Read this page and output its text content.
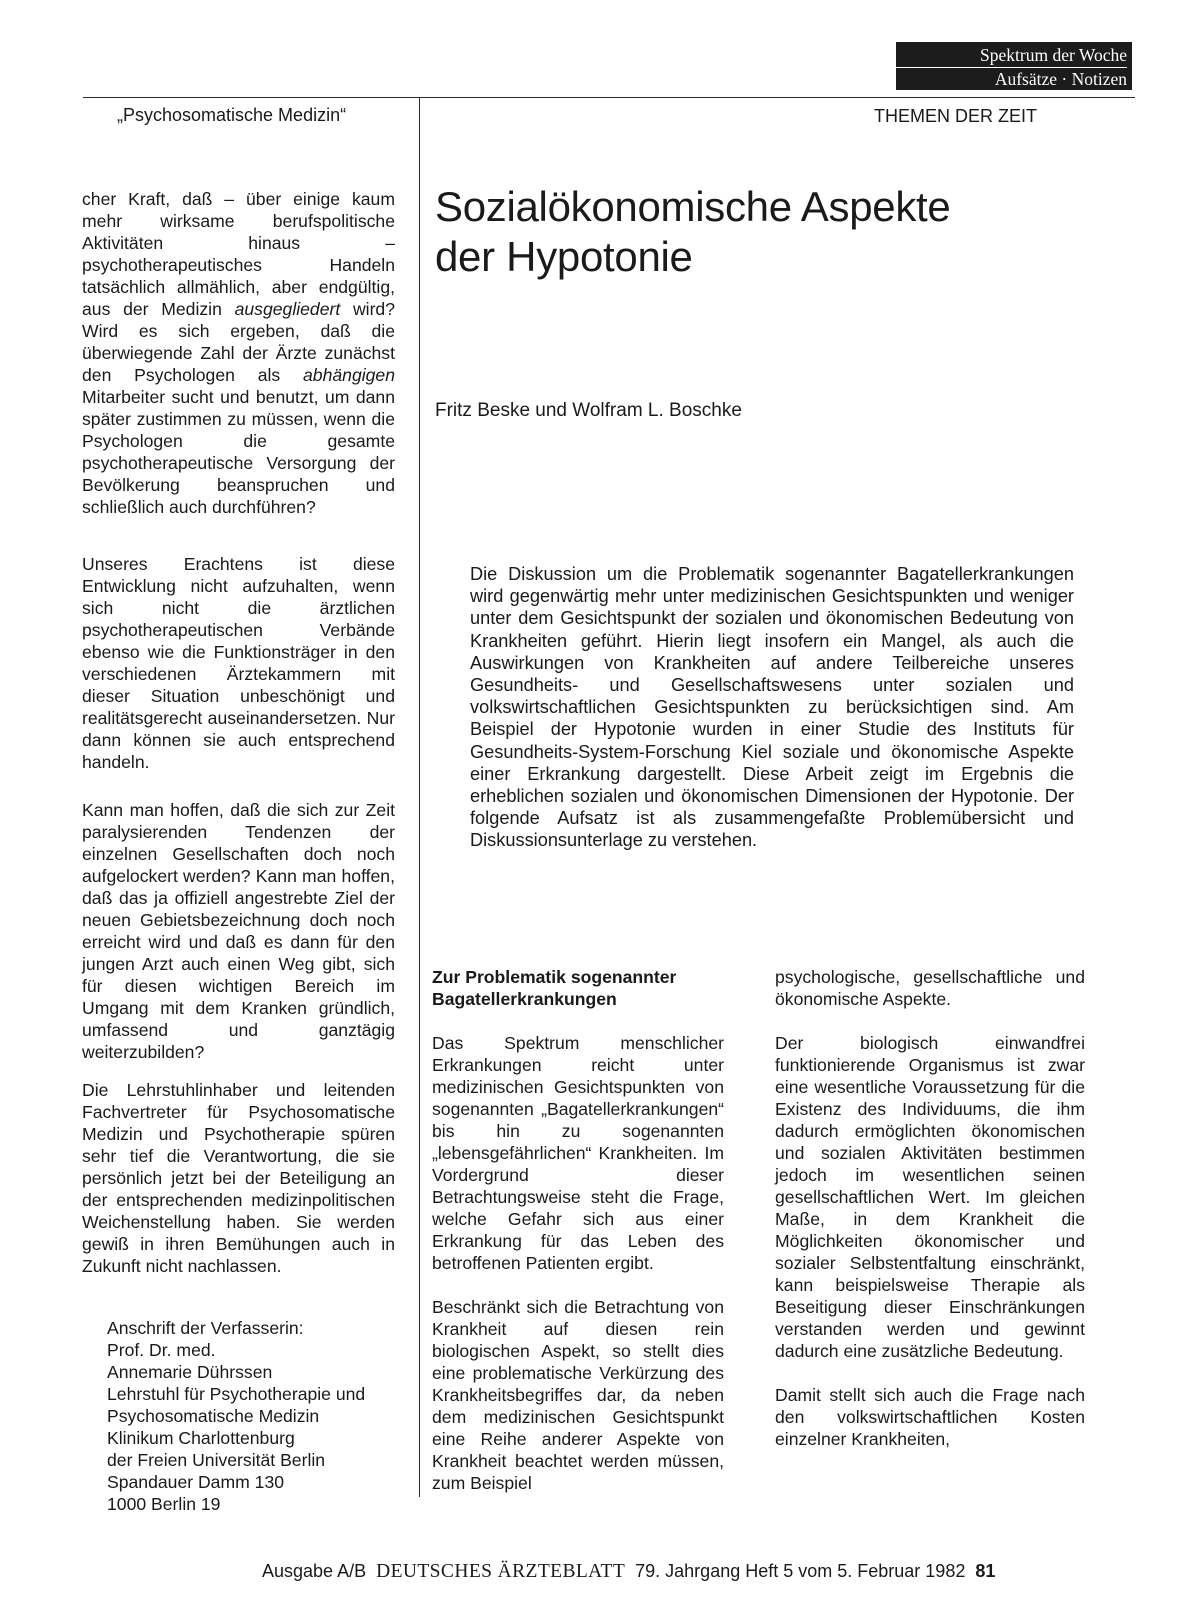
Spektrum der Woche
Aufsätze · Notizen
„Psychosomatische Medizin“	THEMEN DER ZEIT

cher Kraft, daß – über einige kaum mehr wirksame berufspolitische Aktivitäten hinaus – psychotherapeutisches Handeln tatsächlich allmählich, aber endgültig, aus der Medizin ausgegliedert wird? Wird es sich ergeben, daß die überwiegende Zahl der Ärzte zunächst den Psychologen als abhängigen Mitarbeiter sucht und benutzt, um dann später zustimmen zu müssen, wenn die Psychologen die gesamte psychotherapeutische Versorgung der Bevölkerung beanspruchen und schließlich auch durchführen?

Unseres Erachtens ist diese Entwicklung nicht aufzuhalten, wenn sich nicht die ärztlichen psychotherapeutischen Verbände ebenso wie die Funktionsträger in den verschiedenen Ärztekammern mit dieser Situation unbeschönigt und realitätsgerecht auseinandersetzen. Nur dann können sie auch entsprechend handeln.

Kann man hoffen, daß die sich zur Zeit paralysierenden Tendenzen der einzelnen Gesellschaften doch noch aufgelockert werden? Kann man hoffen, daß das ja offiziell angestrebte Ziel der neuen Gebietsbezeichnung doch noch erreicht wird und daß es dann für den jungen Arzt auch einen Weg gibt, sich für diesen wichtigen Bereich im Umgang mit dem Kranken gründlich, umfassend und ganztägig weiterzubilden?

Die Lehrstuhlinhaber und leitenden Fachvertreter für Psychosomatische Medizin und Psychotherapie spüren sehr tief die Verantwortung, die sie persönlich jetzt bei der Beteiligung an der entsprechenden medizinpolitischen Weichenstellung haben. Sie werden gewiß in ihren Bemühungen auch in Zukunft nicht nachlassen.

Anschrift der Verfasserin:
Prof. Dr. med.
Annemarie Dührssen
Lehrstuhl für Psychotherapie und
Psychosomatische Medizin
Klinikum Charlottenburg
der Freien Universität Berlin
Spandauer Damm 130
1000 Berlin 19
Sozialökonomische Aspekte
der Hypotonie
Fritz Beske und Wolfram L. Boschke

Die Diskussion um die Problematik sogenannter Bagatellerkrankungen wird gegenwärtig mehr unter medizinischen Gesichtspunkten und weniger unter dem Gesichtspunkt der sozialen und ökonomischen Bedeutung von Krankheiten geführt. Hierin liegt insofern ein Mangel, als auch die Auswirkungen von Krankheiten auf andere Teilbereiche unseres Gesundheits- und Gesellschaftswesens unter sozialen und volkswirtschaftlichen Gesichtspunkten zu berücksichtigen sind. Am Beispiel der Hypotonie wurden in einer Studie des Instituts für Gesundheits-System-Forschung Kiel soziale und ökonomische Aspekte einer Erkrankung dargestellt. Diese Arbeit zeigt im Ergebnis die erheblichen sozialen und ökonomischen Dimensionen der Hypotonie. Der folgende Aufsatz ist als zusammengefaßte Problemübersicht und Diskussionsunterlage zu verstehen.

Zur Problematik sogenannter
Bagatellerkrankungen

Das Spektrum menschlicher Erkrankungen reicht unter medizinischen Gesichtspunkten von sogenannten „Bagatellerkrankungen“ bis hin zu sogenannten „lebensgefährlichen“ Krankheiten. Im Vordergrund dieser Betrachtungsweise steht die Frage, welche Gefahr sich aus einer Erkrankung für das Leben des betroffenen Patienten ergibt.

Beschränkt sich die Betrachtung von Krankheit auf diesen rein biologischen Aspekt, so stellt dies eine problematische Verkürzung des Krankheitsbegriffes dar, da neben dem medizinischen Gesichtspunkt eine Reihe anderer Aspekte von Krankheit beachtet werden müssen, zum Beispiel

psychologische, gesellschaftliche und ökonomische Aspekte.

Der biologisch einwandfrei funktionierende Organismus ist zwar eine wesentliche Voraussetzung für die Existenz des Individuums, die ihm dadurch ermöglichten ökonomischen und sozialen Aktivitäten bestimmen jedoch im wesentlichen seinen gesellschaftlichen Wert. Im gleichen Maße, in dem Krankheit die Möglichkeiten ökonomischer und sozialer Selbstentfaltung einschränkt, kann beispielsweise Therapie als Beseitigung dieser Einschränkungen verstanden werden und gewinnt dadurch eine zusätzliche Bedeutung.

Damit stellt sich auch die Frage nach den volkswirtschaftlichen Kosten einzelner Krankheiten,

Ausgabe A/B DEUTSCHES ÄRZTEBLATT 79. Jahrgang Heft 5 vom 5. Februar 1982 81
